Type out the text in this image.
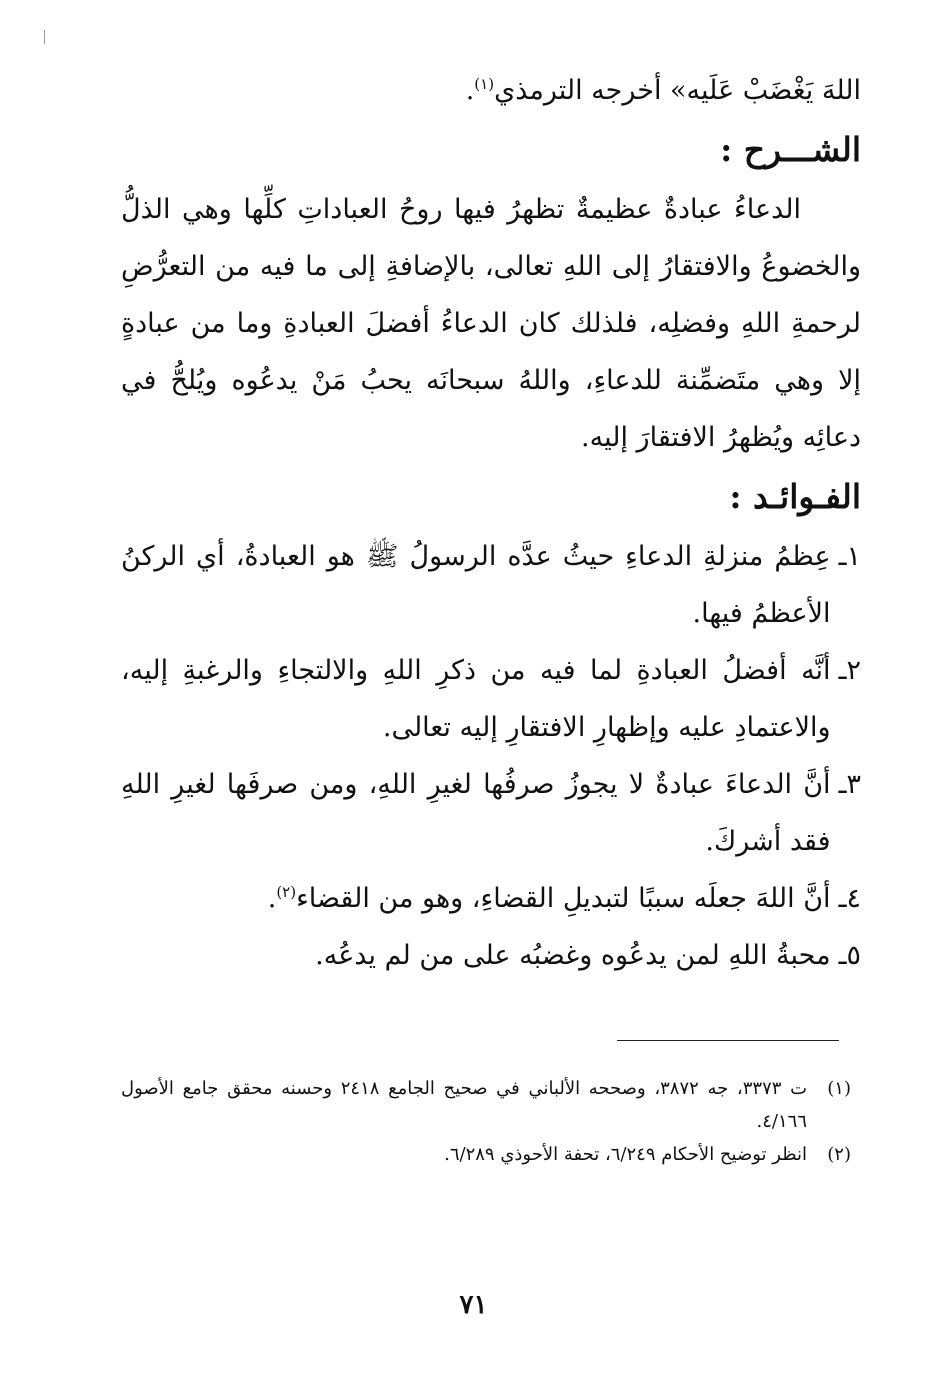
اللهَ يَغْضَبْ عَلَيه» أخرجه الترمذي$^{(١)}$.

الشـــرح :

الدعاءُ عبادةٌ عظيمةٌ تظهرُ فيها روحُ العباداتِ كلِّها وهي الذلُّ والخضوعُ والافتقارُ إلى اللهِ تعالى، بالإضافةِ إلى ما فيه من التعرُّضِ لرحمةِ اللهِ وفضلِه، فلذلك كان الدعاءُ أفضلَ العبادةِ وما من عبادةٍ إلا وهي متَضمِّنة للدعاءِ، واللهُ سبحانَه يحبُ مَنْ يدعُوه ويُلحُّ في دعائِه ويُظهرُ الافتقارَ إليه.

الفـوائـد :
١ـ
عِظمُ منزلةِ الدعاءِ حيثُ عدَّه الرسولُ ﷺ هو العبادةُ، أي الركنُ الأعظمُ فيها.
٢ـ
أنَّه أفضلُ العبادةِ لما فيه من ذكرِ اللهِ والالتجاءِ والرغبةِ إليه، والاعتمادِ عليه وإظهارِ الافتقارِ إليه تعالى.
٣ـ
أنَّ الدعاءَ عبادةٌ لا يجوزُ صرفُها لغيرِ اللهِ، ومن صرفَها لغيرِ اللهِ فقد أشركَ.
٤ـ
أنَّ اللهَ جعلَه سببًا لتبديلِ القضاءِ، وهو من القضاء$^{(٢)}$.
٥ـ
محبةُ اللهِ لمن يدعُوه وغضبُه على من لم يدعُه.
(١)
ت ٣٣٧٣، جه ٣٨٧٢، وصححه الألباني في صحيح الجامع ٢٤١٨ وحسنه محقق جامع الأصول ٤/١٦٦.
(٢)
انظر توضيح الأحكام ٦/٢٤٩، تحفة الأحوذي ٦/٢٨٩.
٧١
